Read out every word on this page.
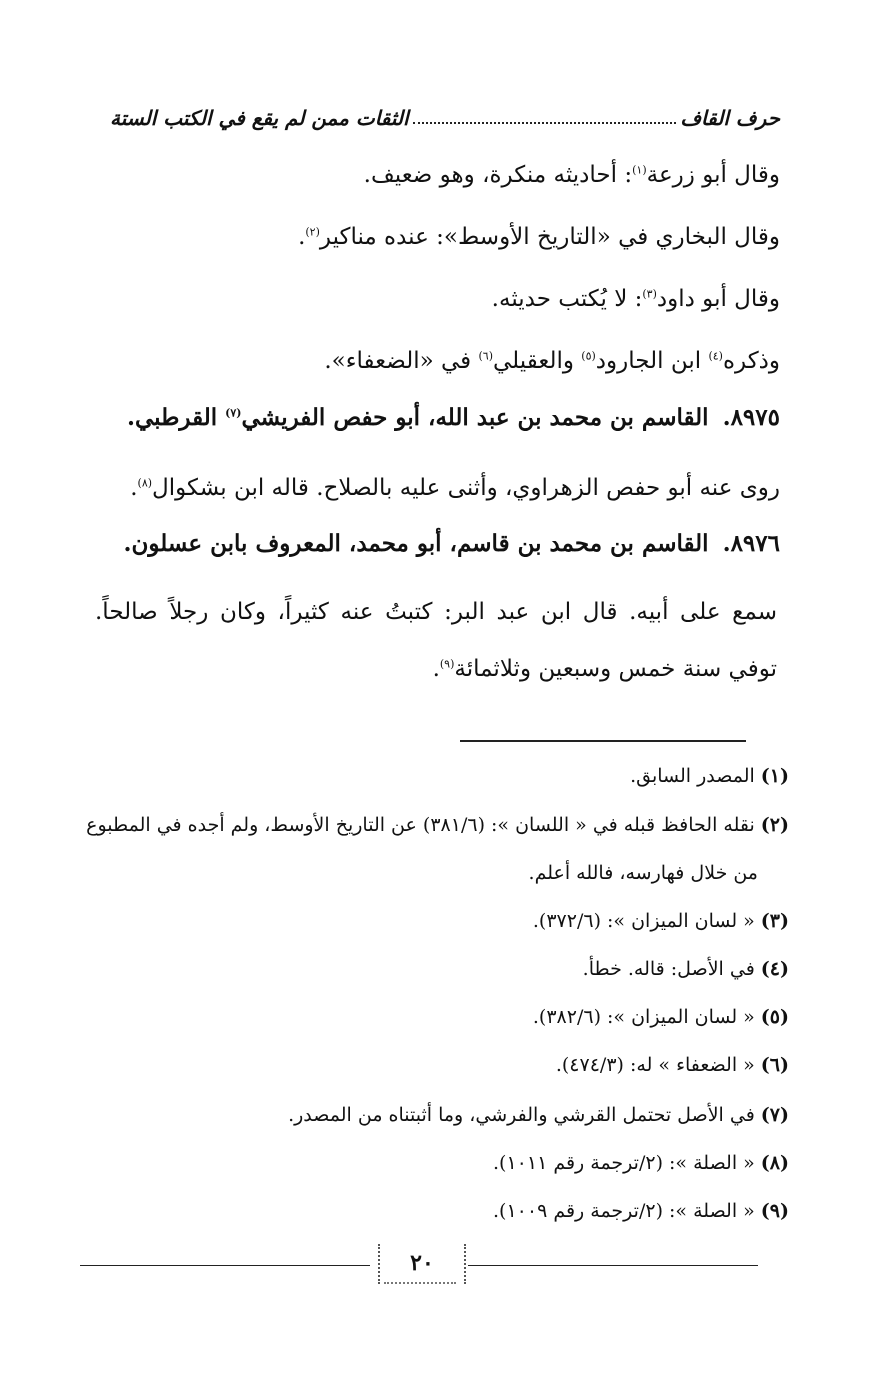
حرف القاف
الثقات ممن لم يقع في الكتب الستة
وقال أبو زرعة$^{(١)}$: أحاديثه منكرة، وهو ضعيف.
وقال البخاري في «التاريخ الأوسط»: عنده مناكير$^{(٢)}$.
وقال أبو داود$^{(٣)}$: لا يُكتب حديثه.
وذكره$^{(٤)}$ ابن الجارود$^{(٥)}$ والعقيلي$^{(٦)}$ في «الضعفاء».
٨٩٧٥.القاسم بن محمد بن عبد الله، أبو حفص الفريشي$^{(٧)}$ القرطبي.
روى عنه أبو حفص الزهراوي، وأثنى عليه بالصلاح. قاله ابن بشكوال$^{(٨)}$.
٨٩٧٦.القاسم بن محمد بن قاسم، أبو محمد، المعروف بابن عسلون.
سمع على أبيه. قال ابن عبد البر: كتبتُ عنه كثيراً، وكان رجلاً صالحاً. توفي سنة خمس وسبعين وثلاثمائة$^{(٩)}$.
(١)المصدر السابق.
(٢)نقله الحافظ قبله في « اللسان »: (٣٨١/٦) عن التاريخ الأوسط، ولم أجده في المطبوع
من خلال فهارسه، فالله أعلم.
(٣)« لسان الميزان »: (٣٧٢/٦).
(٤)في الأصل: قاله. خطأ.
(٥)« لسان الميزان »: (٣٨٢/٦).
(٦)« الضعفاء » له: (٤٧٤/٣).
(٧)في الأصل تحتمل القرشي والفرشي، وما أثبتناه من المصدر.
(٨)« الصلة »: (٢/ترجمة رقم ١٠١١).
(٩)« الصلة »: (٢/ترجمة رقم ١٠٠٩).
٢٠
